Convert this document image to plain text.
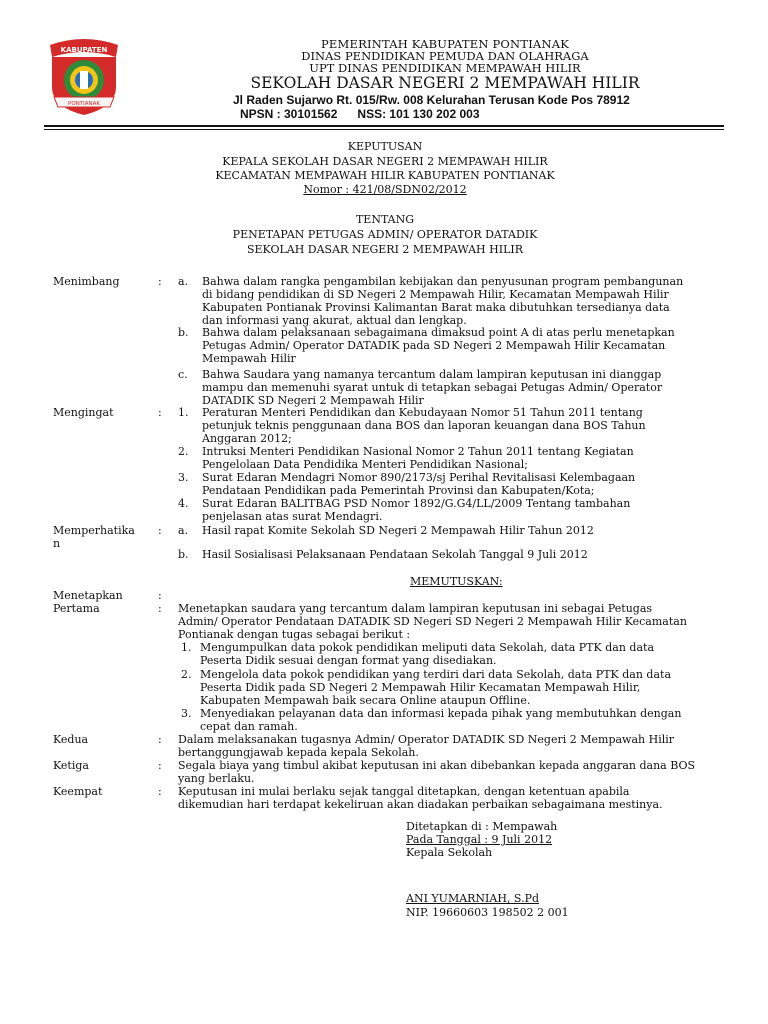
KABUPATEN
PONTIANAK
PEMERINTAH KABUPATEN PONTIANAK
DINAS PENDIDIKAN PEMUDA DAN OLAHRAGA
UPT DINAS PENDIDIKAN MEMPAWAH HILIR
SEKOLAH DASAR NEGERI 2 MEMPAWAH HILIR
Jl Raden Sujarwo Rt. 015/Rw. 008 Kelurahan Terusan Kode Pos 78912
NPSN : 30101562      NSS: 101 130 202 003
KEPUTUSAN
KEPALA SEKOLAH DASAR NEGERI 2 MEMPAWAH HILIR
KECAMATAN MEMPAWAH HILIR KABUPATEN PONTIANAK
Nomor : 421/08/SDN02/2012
TENTANG
PENETAPAN PETUGAS ADMIN/ OPERATOR DATADIK
SEKOLAH DASAR NEGERI 2 MEMPAWAH HILIR
Menimbang	: a. Bahwa dalam rangka pengambilan kebijakan dan penyusunan program pembangunan
di bidang pendidikan di SD Negeri 2 Mempawah Hilir, Kecamatan Mempawah Hilir
Kabupaten Pontianak Provinsi Kalimantan Barat maka dibutuhkan tersedianya data
dan informasi yang akurat, aktual dan lengkap.
b. Bahwa dalam pelaksanaan sebagaimana dimaksud point A di atas perlu menetapkan
Petugas Admin/ Operator DATADIK pada SD Negeri 2 Mempawah Hilir Kecamatan
Mempawah Hilir
c. Bahwa Saudara yang namanya tercantum dalam lampiran keputusan ini dianggap
mampu dan memenuhi syarat untuk di tetapkan sebagai Petugas Admin/ Operator
DATADIK SD Negeri 2 Mempawah Hilir
Mengingat	: 1. Peraturan Menteri Pendidikan dan Kebudayaan Nomor 51 Tahun 2011 tentang
petunjuk teknis penggunaan dana BOS dan laporan keuangan dana BOS Tahun
Anggaran 2012;
2. Intruksi Menteri Pendidikan Nasional Nomor 2 Tahun 2011 tentang Kegiatan
Pengelolaan Data Pendidika Menteri Pendidikan Nasional;
3. Surat Edaran Mendagri Nomor 890/2173/sj Perihal Revitalisasi Kelembagaan
Pendataan Pendidikan pada Pemerintah Provinsi dan Kabupaten/Kota;
4. Surat Edaran BALITBAG PSD Nomor 1892/G.G4/LL/2009 Tentang tambahan
penjelasan atas surat Mendagri.
Memperhatika
n
: a. Hasil rapat Komite Sekolah SD Negeri 2 Mempawah Hilir Tahun 2012
b. Hasil Sosialisasi Pelaksanaan Pendataan Sekolah Tanggal 9 Juli 2012
MEMUTUSKAN:
Menetapkan	:
Pertama	: Menetapkan saudara yang tercantum dalam lampiran keputusan ini sebagai Petugas
Admin/ Operator Pendataan DATADIK SD Negeri SD Negeri 2 Mempawah Hilir Kecamatan
Pontianak dengan tugas sebagai berikut :
1. Mengumpulkan data pokok pendidikan meliputi data Sekolah, data PTK dan data
Peserta Didik sesuai dengan format yang disediakan.
2. Mengelola data pokok pendidikan yang terdiri dari data Sekolah, data PTK dan data
Peserta Didik pada SD Negeri 2 Mempawah Hilir Kecamatan Mempawah Hilir,
Kabupaten Mempawah baik secara Online ataupun Offline.
3. Menyediakan pelayanan data dan informasi kepada pihak yang membutuhkan dengan
cepat dan ramah.
Kedua	: Dalam melaksanakan tugasnya Admin/ Operator DATADIK SD Negeri 2 Mempawah Hilir
bertanggungjawab kepada kepala Sekolah.
Ketiga	: Segala biaya yang timbul akibat keputusan ini akan dibebankan kepada anggaran dana BOS
yang berlaku.
Keempat	: Keputusan ini mulai berlaku sejak tanggal ditetapkan, dengan ketentuan apabila
dikemudian hari terdapat kekeliruan akan diadakan perbaikan sebagaimana mestinya.
Ditetapkan di : Mempawah
Pada Tanggal : 9 Juli 2012
Kepala Sekolah
ANI YUMARNIAH, S.Pd
NIP. 19660603 198502 2 001
